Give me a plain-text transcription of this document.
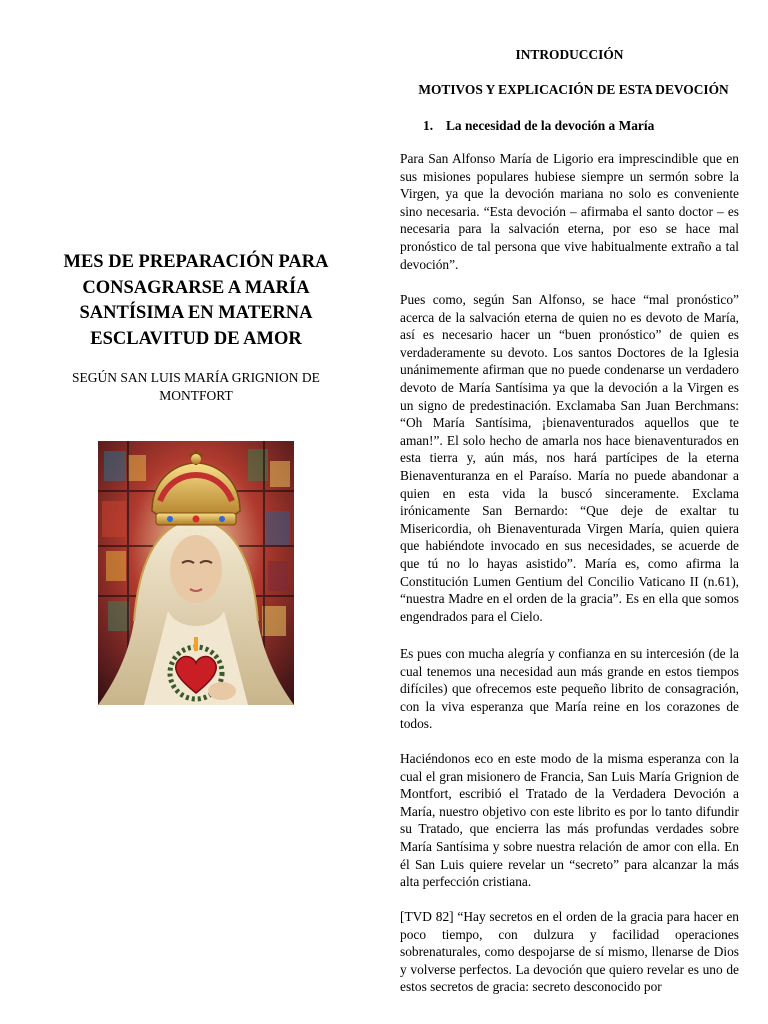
MES DE PREPARACIÓN PARA CONSAGRARSE A MARÍA SANTÍSIMA EN MATERNA ESCLAVITUD DE AMOR

SEGÚN SAN LUIS MARÍA GRIGNION DE MONTFORT

INTRODUCCIÓN
MOTIVOS Y EXPLICACIÓN DE ESTA DEVOCIÓN
1. La necesidad de la devoción a María

Para San Alfonso María de Ligorio era imprescindible que en sus misiones populares hubiese siempre un sermón sobre la Virgen, ya que la devoción mariana no solo es conveniente sino necesaria. “Esta devoción – afirmaba el santo doctor – es necesaria para la salvación eterna, por eso se hace mal pronóstico de tal persona que vive habitualmente extraño a tal devoción”.

Pues como, según San Alfonso, se hace “mal pronóstico” acerca de la salvación eterna de quien no es devoto de María, así es necesario hacer un “buen pronóstico” de quien es verdaderamente su devoto. Los santos Doctores de la Iglesia unánimemente afirman que no puede condenarse un verdadero devoto de María Santísima ya que la devoción a la Virgen es un signo de predestinación. Exclamaba San Juan Berchmans: “Oh María Santísima, ¡bienaventurados aquellos que te aman!”. El solo hecho de amarla nos hace bienaventurados en esta tierra y, aún más, nos hará partícipes de la eterna Bienaventuranza en el Paraíso. María no puede abandonar a quien en esta vida la buscó sinceramente. Exclama irónicamente San Bernardo: “Que deje de exaltar tu Misericordia, oh Bienaventurada Virgen María, quien quiera que habiéndote invocado en sus necesidades, se acuerde de que tú no lo hayas asistido”. María es, como afirma la Constitución Lumen Gentium del Concilio Vaticano II (n.61), “nuestra Madre en el orden de la gracia”. Es en ella que somos engendrados para el Cielo.

Es pues con mucha alegría y confianza en su intercesión (de la cual tenemos una necesidad aun más grande en estos tiempos difíciles) que ofrecemos este pequeño librito de consagración, con la viva esperanza que María reine en los corazones de todos.

Haciéndonos eco en este modo de la misma esperanza con la cual el gran misionero de Francia, San Luis María Grignion de Montfort, escribió el Tratado de la Verdadera Devoción a María, nuestro objetivo con este librito es por lo tanto difundir su Tratado, que encierra las más profundas verdades sobre María Santísima y sobre nuestra relación de amor con ella. En él San Luis quiere revelar un “secreto” para alcanzar la más alta perfección cristiana.

[TVD 82] “Hay secretos en el orden de la gracia para hacer en poco tiempo, con dulzura y facilidad operaciones sobrenaturales, como despojarse de sí mismo, llenarse de Dios y volverse perfectos. La devoción que quiero revelar es uno de estos secretos de gracia: secreto desconocido por
